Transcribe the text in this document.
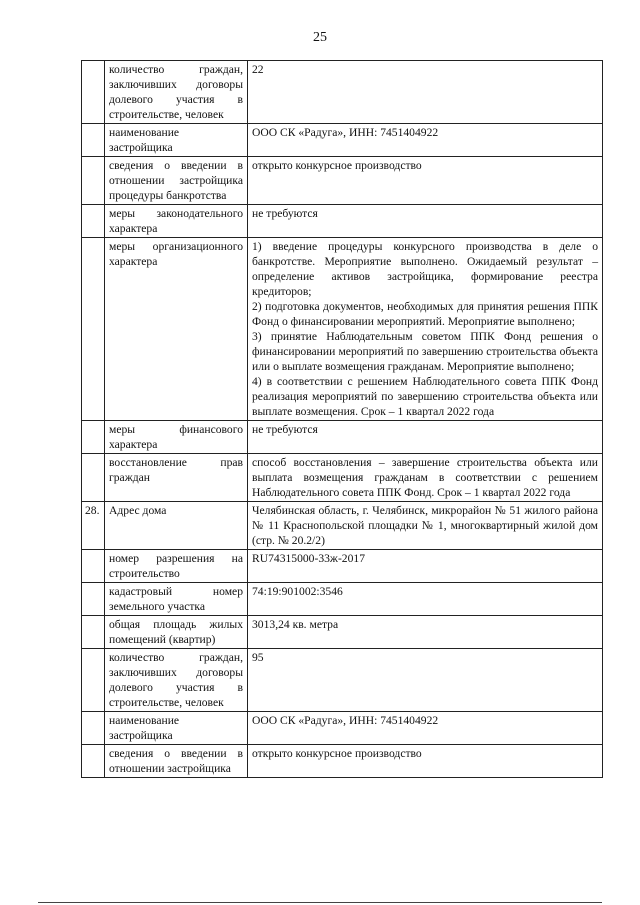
25
	количество граждан, заключивших договоры долевого участия в строительстве, человек	22
	наименование застройщика	ООО СК «Радуга», ИНН: 7451404922
	сведения о введении в отношении застройщика процедуры банкротства	открыто конкурсное производство
	меры законодательного характера	не требуются
	меры организационного характера	1) введение процедуры конкурсного производства в деле о банкротстве. Мероприятие выполнено. Ожидаемый результат – определение активов застройщика, формирование реестра кредиторов;
2) подготовка документов, необходимых для принятия решения ППК Фонд о финансировании мероприятий. Мероприятие выполнено;
3) принятие Наблюдательным советом ППК Фонд решения о финансировании мероприятий по завершению строительства объекта или о выплате возмещения гражданам. Мероприятие выполнено;
4) в соответствии с решением Наблюдательного совета ППК Фонд реализация мероприятий по завершению строительства объекта или выплате возмещения. Срок – 1 квартал 2022 года
	меры финансового характера	не требуются
	восстановление прав граждан	способ восстановления – завершение строительства объекта или выплата возмещения гражданам в соответствии с решением Наблюдательного совета ППК Фонд. Срок – 1 квартал 2022 года
28.	Адрес дома	Челябинская область, г. Челябинск, микрорайон № 51 жилого района № 11 Краснопольской площадки № 1, многоквартирный жилой дом (стр. № 20.2/2)
	номер разрешения на строительство	RU74315000-33ж-2017
	кадастровый номер земельного участка	74:19:901002:3546
	общая площадь жилых помещений (квартир)	3013,24 кв. метра
	количество граждан, заключивших договоры долевого участия в строительстве, человек	95
	наименование застройщика	ООО СК «Радуга», ИНН: 7451404922
	сведения о введении в отношении застройщика	открыто конкурсное производство
